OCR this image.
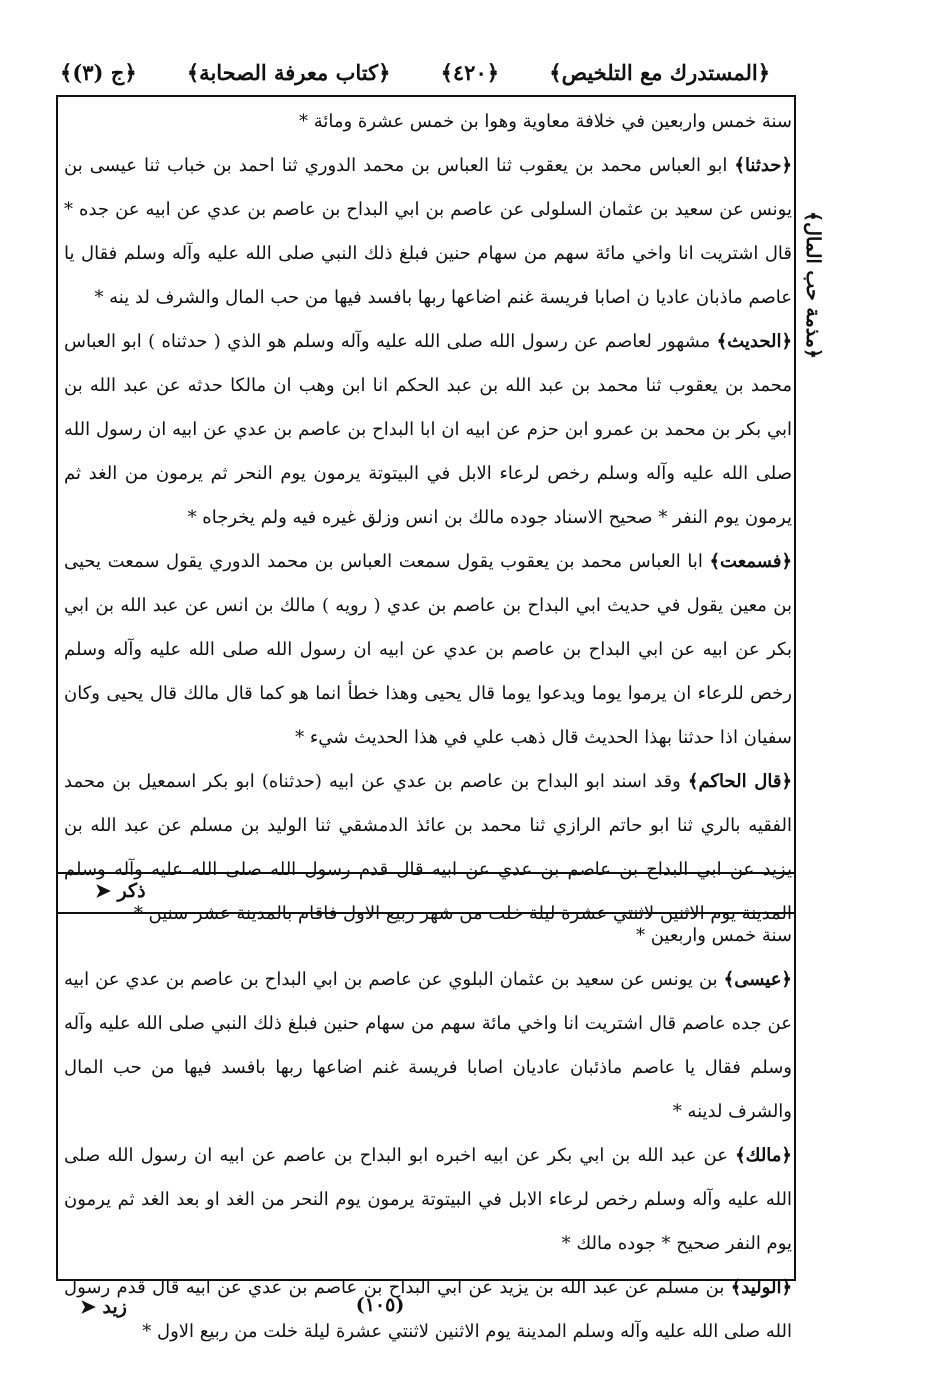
﴿المستدرك مع التلخيص﴾
﴿٤٢٠﴾
﴿كتاب معرفة الصحابة﴾
﴿ج (٣)﴾
﴿مذمة حب المال﴾

سنة خمس واربعين في خلافة معاوية وهوا بن خمس عشرة ومائة *

﴿حدثنا﴾ ابو العباس محمد بن يعقوب ثنا العباس بن محمد الدوري ثنا احمد بن خباب ثنا عيسى بن يونس عن سعيد بن عثمان السلولى عن عاصم بن ابي البداح بن عاصم بن عدي عن ابيه عن جده * قال اشتريت انا واخي مائة سهم من سهام حنين فبلغ ذلك النبي صلى الله عليه وآله وسلم فقال يا عاصم ماذبان عاديا ن اصابا فريسة غنم اضاعها ربها بافسد فيها من حب المال والشرف لد ينه *

﴿الحديث﴾ مشهور لعاصم عن رسول الله صلى الله عليه وآله وسلم هو الذي ( حدثناه ) ابو العباس محمد بن يعقوب ثنا محمد بن عبد الله بن عبد الحكم انا ابن وهب ان مالكا حدثه عن عبد الله بن ابي بكر بن محمد بن عمرو ابن حزم عن ابيه ان ابا البداح بن عاصم بن عدي عن ابيه ان رسول الله صلى الله عليه وآله وسلم رخص لرعاء الابل في البيتوتة يرمون يوم النحر ثم يرمون من الغد ثم يرمون يوم النفر * صحيح الاسناد جوده مالك بن انس وزلق غيره فيه ولم يخرجاه *

﴿فسمعت﴾ ابا العباس محمد بن يعقوب يقول سمعت العباس بن محمد الدوري يقول سمعت يحيى بن معين يقول في حديث ابي البداح بن عاصم بن عدي ( رويه ) مالك بن انس عن عبد الله بن ابي بكر عن ابيه عن ابي البداح بن عاصم بن عدي عن ابيه ان رسول الله صلى الله عليه وآله وسلم رخص للرعاء ان يرموا يوما ويدعوا يوما قال يحيى وهذا خطأ انما هو كما قال مالك قال يحيى وكان سفيان اذا حدثنا بهذا الحديث قال ذهب علي في هذا الحديث شيء *

﴿قال الحاكم﴾ وقد اسند ابو البداح بن عاصم بن عدي عن ابيه (حدثناه) ابو بكر اسمعيل بن محمد الفقيه بالري ثنا ابو حاتم الرازي ثنا محمد بن عائذ الدمشقي ثنا الوليد بن مسلم عن عبد الله بن يزيد عن ابي البداح بن عاصم بن عدي عن ابيه قال قدم رسول الله صلى الله عليه وآله وسلم المدينة يوم الاثنين لاثنتي عشرة ليلة خلت من شهر ربيع الاول فاقام بالمدينة عشر سنين *

ذكر ➤

سنة خمس واربعين *

﴿عيسى﴾ بن يونس عن سعيد بن عثمان البلوي عن عاصم بن ابي البداح بن عاصم بن عدي عن ابيه عن جده عاصم قال اشتريت انا واخي مائة سهم من سهام حنين فبلغ ذلك النبي صلى الله عليه وآله وسلم فقال يا عاصم ماذئبان عاديان اصابا فريسة غنم اضاعها ربها بافسد فيها من حب المال والشرف لدينه *

﴿مالك﴾ عن عبد الله بن ابي بكر عن ابيه اخبره ابو البداح بن عاصم عن ابيه ان رسول الله صلى الله عليه وآله وسلم رخص لرعاء الابل في البيتوتة يرمون يوم النحر من الغد او بعد الغد ثم يرمون يوم النفر صحيح * جوده مالك *

﴿الوليد﴾ بن مسلم عن عبد الله بن يزيد عن ابي البداح بن عاصم بن عدي عن ابيه قال قدم رسول الله صلى الله عليه وآله وسلم المدينة يوم الاثنين لاثنتي عشرة ليلة خلت من ربيع الاول *

(١٠٥)
زيد ➤
